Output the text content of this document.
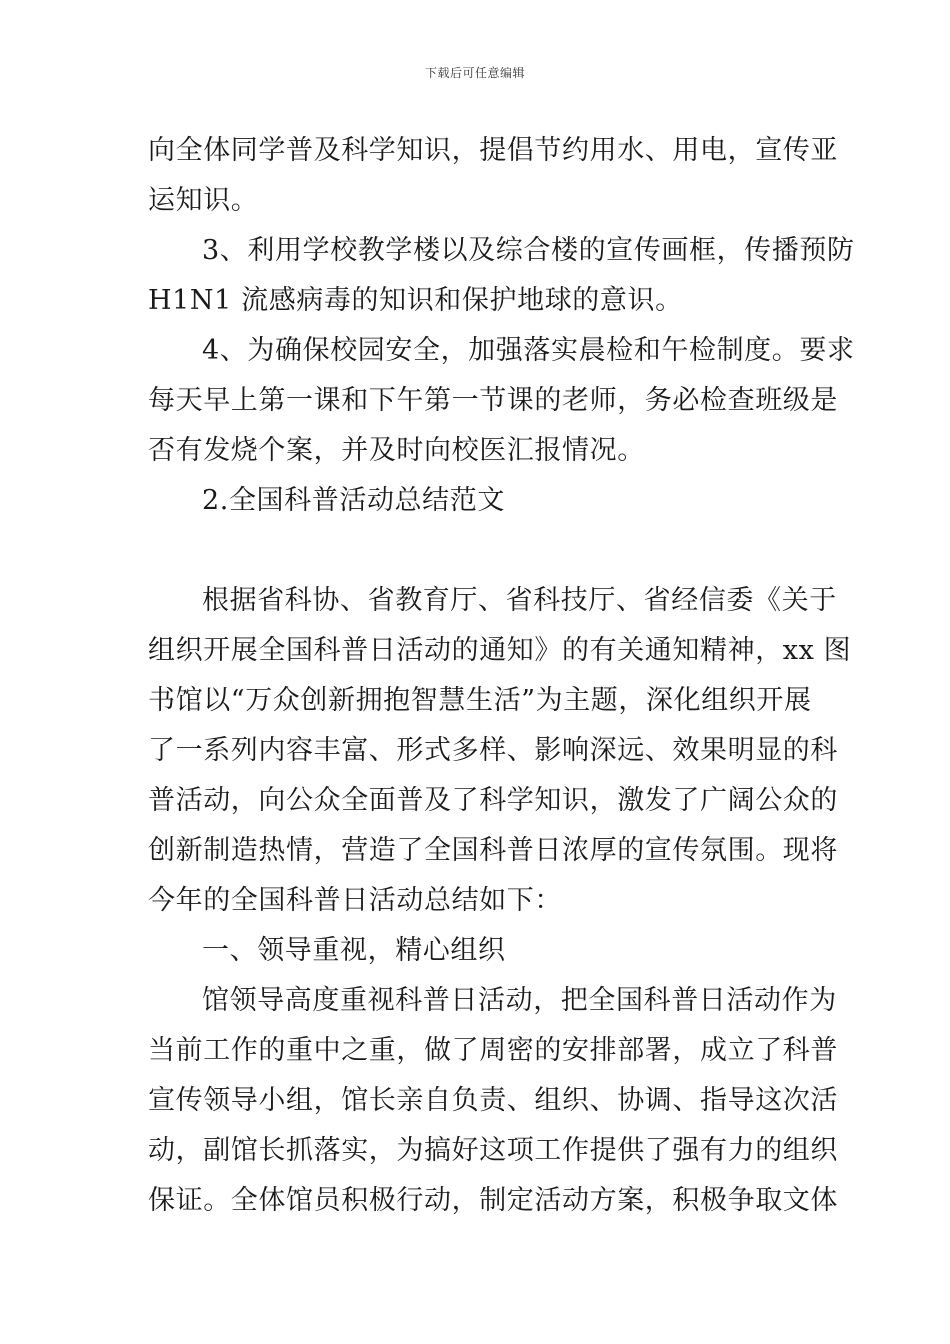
下载后可任意编辑
向全体同学普及科学知识，提倡节约用水、用电，宣传亚
运知识。
3、利用学校教学楼以及综合楼的宣传画框，传播预防
H1N1 流感病毒的知识和保护地球的意识。
4、为确保校园安全，加强落实晨检和午检制度。要求
每天早上第一课和下午第一节课的老师，务必检查班级是
否有发烧个案，并及时向校医汇报情况。
2.全国科普活动总结范文
根据省科协、省教育厅、省科技厅、省经信委《关于
组织开展全国科普日活动的通知》的有关通知精神，xx 图
书馆以“万众创新拥抱智慧生活”为主题，深化组织开展
了一系列内容丰富、形式多样、影响深远、效果明显的科
普活动，向公众全面普及了科学知识，激发了广阔公众的
创新制造热情，营造了全国科普日浓厚的宣传氛围。现将
今年的全国科普日活动总结如下：
一、领导重视，精心组织
馆领导高度重视科普日活动，把全国科普日活动作为
当前工作的重中之重，做了周密的安排部署，成立了科普
宣传领导小组，馆长亲自负责、组织、协调、指导这次活
动，副馆长抓落实，为搞好这项工作提供了强有力的组织
保证。全体馆员积极行动，制定活动方案，积极争取文体
